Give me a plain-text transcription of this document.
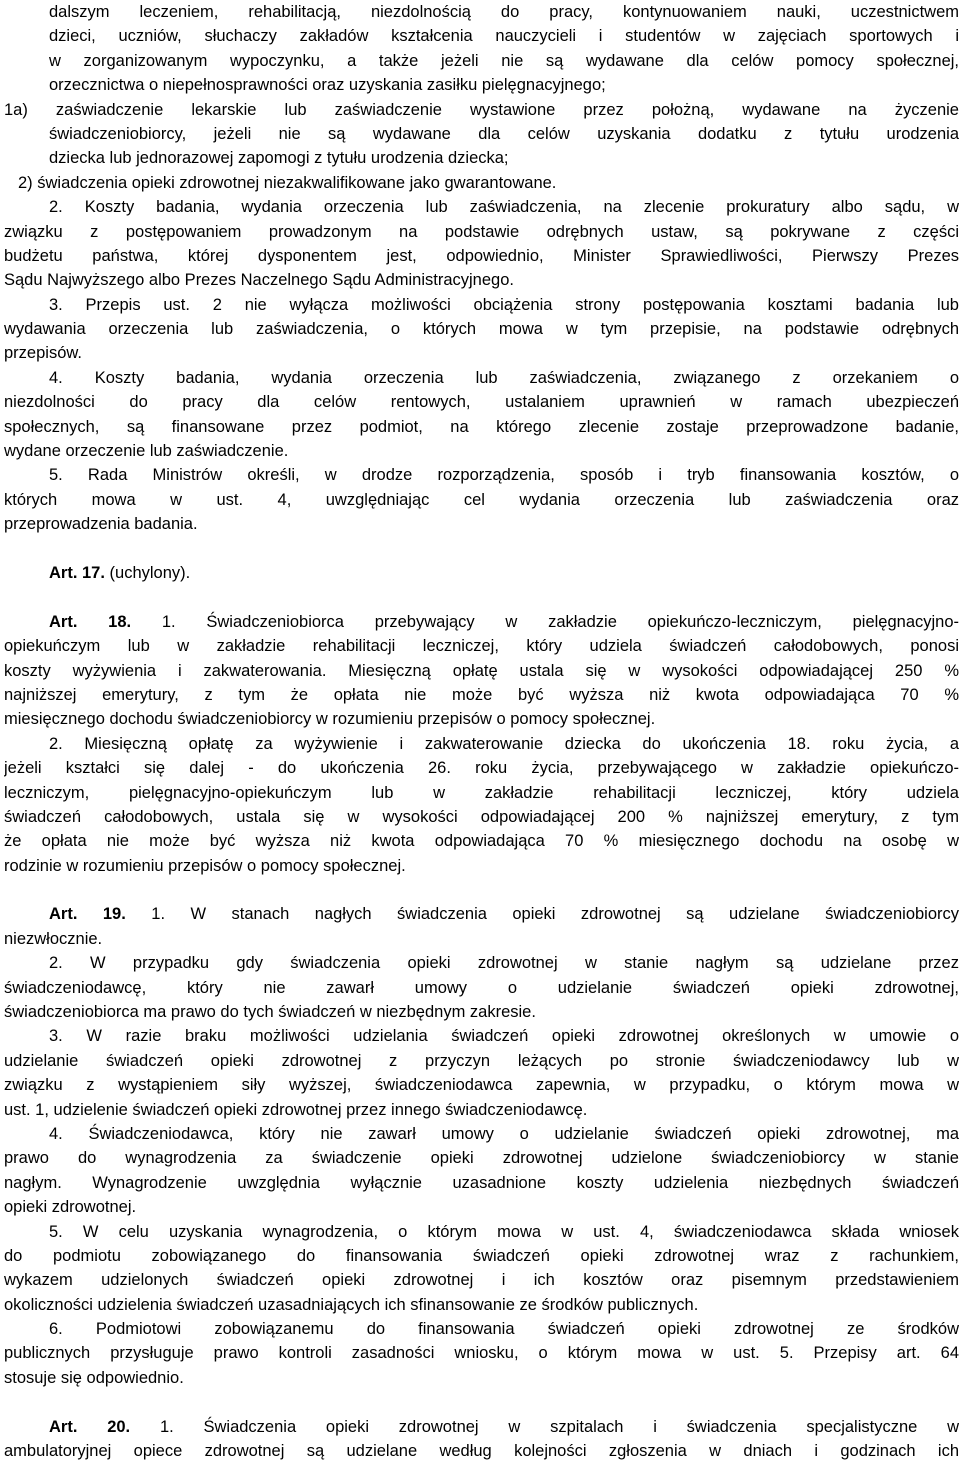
dalszym leczeniem, rehabilitacją, niezdolnością do pracy, kontynuowaniem nauki, uczestnictwem
dzieci, uczniów, słuchaczy zakładów kształcenia nauczycieli i studentów w zajęciach sportowych i
w zorganizowanym wypoczynku, a także jeżeli nie są wydawane dla celów pomocy społecznej,
orzecznictwa o niepełnosprawności oraz uzyskania zasiłku pielęgnacyjnego;
1a) zaświadczenie lekarskie lub zaświadczenie wystawione przez położną, wydawane na życzenie
świadczeniobiorcy, jeżeli nie są wydawane dla celów uzyskania dodatku z tytułu urodzenia
dziecka lub jednorazowej zapomogi z tytułu urodzenia dziecka;
2) świadczenia opieki zdrowotnej niezakwalifikowane jako gwarantowane.
2. Koszty badania, wydania orzeczenia lub zaświadczenia, na zlecenie prokuratury albo sądu, w
związku z postępowaniem prowadzonym na podstawie odrębnych ustaw, są pokrywane z części
budżetu państwa, której dysponentem jest, odpowiednio, Minister Sprawiedliwości, Pierwszy Prezes
Sądu Najwyższego albo Prezes Naczelnego Sądu Administracyjnego.
3. Przepis ust. 2 nie wyłącza możliwości obciążenia strony postępowania kosztami badania lub
wydawania orzeczenia lub zaświadczenia, o których mowa w tym przepisie, na podstawie odrębnych
przepisów.
4. Koszty badania, wydania orzeczenia lub zaświadczenia, związanego z orzekaniem o
niezdolności do pracy dla celów rentowych, ustalaniem uprawnień w ramach ubezpieczeń
społecznych, są finansowane przez podmiot, na którego zlecenie zostaje przeprowadzone badanie,
wydane orzeczenie lub zaświadczenie.
5. Rada Ministrów określi, w drodze rozporządzenia, sposób i tryb finansowania kosztów, o
których mowa w ust. 4, uwzględniając cel wydania orzeczenia lub zaświadczenia oraz
przeprowadzenia badania.
Art. 17. (uchylony).
Art. 18. 1. Świadczeniobiorca przebywający w zakładzie opiekuńczo-leczniczym, pielęgnacyjno-
opiekuńczym lub w zakładzie rehabilitacji leczniczej, który udziela świadczeń całodobowych, ponosi
koszty wyżywienia i zakwaterowania. Miesięczną opłatę ustala się w wysokości odpowiadającej 250 %
najniższej emerytury, z tym że opłata nie może być wyższa niż kwota odpowiadająca 70 %
miesięcznego dochodu świadczeniobiorcy w rozumieniu przepisów o pomocy społecznej.
2. Miesięczną opłatę za wyżywienie i zakwaterowanie dziecka do ukończenia 18. roku życia, a
jeżeli kształci się dalej - do ukończenia 26. roku życia, przebywającego w zakładzie opiekuńczo-
leczniczym, pielęgnacyjno-opiekuńczym lub w zakładzie rehabilitacji leczniczej, który udziela
świadczeń całodobowych, ustala się w wysokości odpowiadającej 200 % najniższej emerytury, z tym
że opłata nie może być wyższa niż kwota odpowiadająca 70 % miesięcznego dochodu na osobę w
rodzinie w rozumieniu przepisów o pomocy społecznej.
Art. 19. 1. W stanach nagłych świadczenia opieki zdrowotnej są udzielane świadczeniobiorcy
niezwłocznie.
2. W przypadku gdy świadczenia opieki zdrowotnej w stanie nagłym są udzielane przez
świadczeniodawcę, który nie zawarł umowy o udzielanie świadczeń opieki zdrowotnej,
świadczeniobiorca ma prawo do tych świadczeń w niezbędnym zakresie.
3. W razie braku możliwości udzielania świadczeń opieki zdrowotnej określonych w umowie o
udzielanie świadczeń opieki zdrowotnej z przyczyn leżących po stronie świadczeniodawcy lub w
związku z wystąpieniem siły wyższej, świadczeniodawca zapewnia, w przypadku, o którym mowa w
ust. 1, udzielenie świadczeń opieki zdrowotnej przez innego świadczeniodawcę.
4. Świadczeniodawca, który nie zawarł umowy o udzielanie świadczeń opieki zdrowotnej, ma
prawo do wynagrodzenia za świadczenie opieki zdrowotnej udzielone świadczeniobiorcy w stanie
nagłym. Wynagrodzenie uwzględnia wyłącznie uzasadnione koszty udzielenia niezbędnych świadczeń
opieki zdrowotnej.
5. W celu uzyskania wynagrodzenia, o którym mowa w ust. 4, świadczeniodawca składa wniosek
do podmiotu zobowiązanego do finansowania świadczeń opieki zdrowotnej wraz z rachunkiem,
wykazem udzielonych świadczeń opieki zdrowotnej i ich kosztów oraz pisemnym przedstawieniem
okoliczności udzielenia świadczeń uzasadniających ich sfinansowanie ze środków publicznych.
6. Podmiotowi zobowiązanemu do finansowania świadczeń opieki zdrowotnej ze środków
publicznych przysługuje prawo kontroli zasadności wniosku, o którym mowa w ust. 5. Przepisy art. 64
stosuje się odpowiednio.
Art. 20. 1. Świadczenia opieki zdrowotnej w szpitalach i świadczenia specjalistyczne w
ambulatoryjnej opiece zdrowotnej są udzielane według kolejności zgłoszenia w dniach i godzinach ich
